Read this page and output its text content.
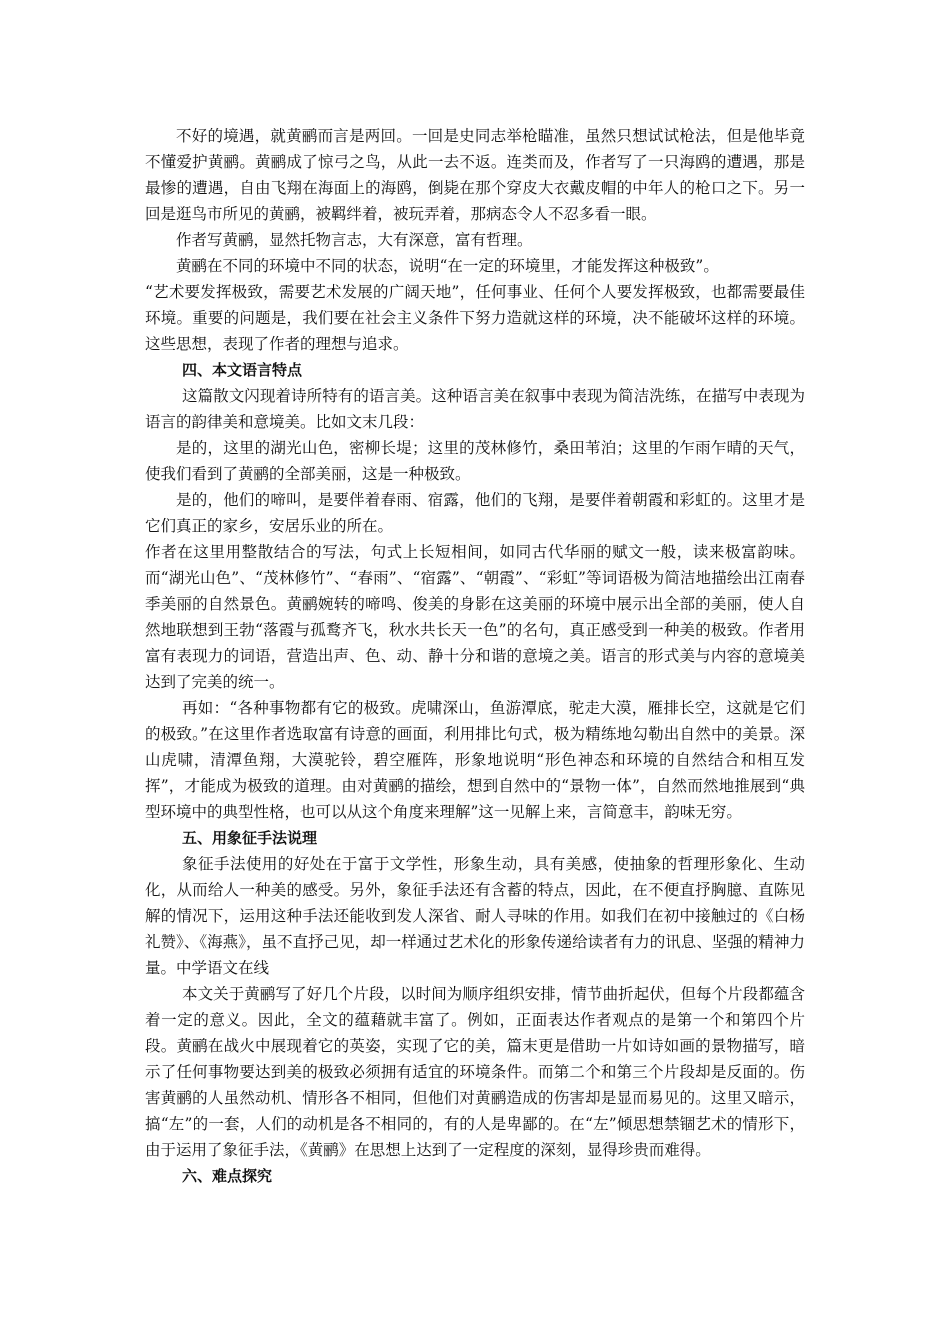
不好的境遇，就黄鹂而言是两回。一回是史同志举枪瞄准，虽然只想试试枪法，但是他毕竟不懂爱护黄鹂。黄鹂成了惊弓之鸟，从此一去不返。连类而及，作者写了一只海鸥的遭遇，那是最惨的遭遇，自由飞翔在海面上的海鸥，倒毙在那个穿皮大衣戴皮帽的中年人的枪口之下。另一回是逛鸟市所见的黄鹂，被羁绊着，被玩弄着，那病态令人不忍多看一眼。

作者写黄鹂，显然托物言志，大有深意，富有哲理。

黄鹂在不同的环境中不同的状态，说明“在一定的环境里，才能发挥这种极致”。

“艺术要发挥极致，需要艺术发展的广阔天地”，任何事业、任何个人要发挥极致，也都需要最佳环境。重要的问题是，我们要在社会主义条件下努力造就这样的环境，决不能破坏这样的环境。这些思想，表现了作者的理想与追求。

四、本文语言特点

这篇散文闪现着诗所特有的语言美。这种语言美在叙事中表现为简洁洗练，在描写中表现为语言的韵律美和意境美。比如文末几段：

是的，这里的湖光山色，密柳长堤；这里的茂林修竹，桑田苇泊；这里的乍雨乍晴的天气，使我们看到了黄鹂的全部美丽，这是一种极致。

是的，他们的啼叫，是要伴着春雨、宿露，他们的飞翔，是要伴着朝霞和彩虹的。这里才是它们真正的家乡，安居乐业的所在。

作者在这里用整散结合的写法，句式上长短相间，如同古代华丽的赋文一般，读来极富韵味。而“湖光山色”、“茂林修竹”、“春雨”、“宿露”、“朝霞”、“彩虹”等词语极为简洁地描绘出江南春季美丽的自然景色。黄鹂婉转的啼鸣、俊美的身影在这美丽的环境中展示出全部的美丽，使人自然地联想到王勃“落霞与孤鹜齐飞，秋水共长天一色”的名句，真正感受到一种美的极致。作者用富有表现力的词语，营造出声、色、动、静十分和谐的意境之美。语言的形式美与内容的意境美达到了完美的统一。

再如：“各种事物都有它的极致。虎啸深山，鱼游潭底，驼走大漠，雁排长空，这就是它们的极致。”在这里作者选取富有诗意的画面，利用排比句式，极为精练地勾勒出自然中的美景。深山虎啸，清潭鱼翔，大漠驼铃，碧空雁阵，形象地说明“形色神态和环境的自然结合和相互发挥”，才能成为极致的道理。由对黄鹂的描绘，想到自然中的“景物一体”，自然而然地推展到“典型环境中的典型性格，也可以从这个角度来理解”这一见解上来，言简意丰，韵味无穷。

五、用象征手法说理

象征手法使用的好处在于富于文学性，形象生动，具有美感，使抽象的哲理形象化、生动化，从而给人一种美的感受。另外，象征手法还有含蓄的特点，因此，在不便直抒胸臆、直陈见解的情况下，运用这种手法还能收到发人深省、耐人寻味的作用。如我们在初中接触过的《白杨礼赞》、《海燕》，虽不直抒己见，却一样通过艺术化的形象传递给读者有力的讯息、坚强的精神力量。中学语文在线

本文关于黄鹂写了好几个片段，以时间为顺序组织安排，情节曲折起伏，但每个片段都蕴含着一定的意义。因此，全文的蕴藉就丰富了。例如，正面表达作者观点的是第一个和第四个片段。黄鹂在战火中展现着它的英姿，实现了它的美，篇末更是借助一片如诗如画的景物描写，暗示了任何事物要达到美的极致必须拥有适宜的环境条件。而第二个和第三个片段却是反面的。伤害黄鹂的人虽然动机、情形各不相同，但他们对黄鹂造成的伤害却是显而易见的。这里又暗示，搞“左”的一套，人们的动机是各不相同的，有的人是卑鄙的。在“左”倾思想禁锢艺术的情形下，由于运用了象征手法，《黄鹂》在思想上达到了一定程度的深刻，显得珍贵而难得。

六、难点探究
